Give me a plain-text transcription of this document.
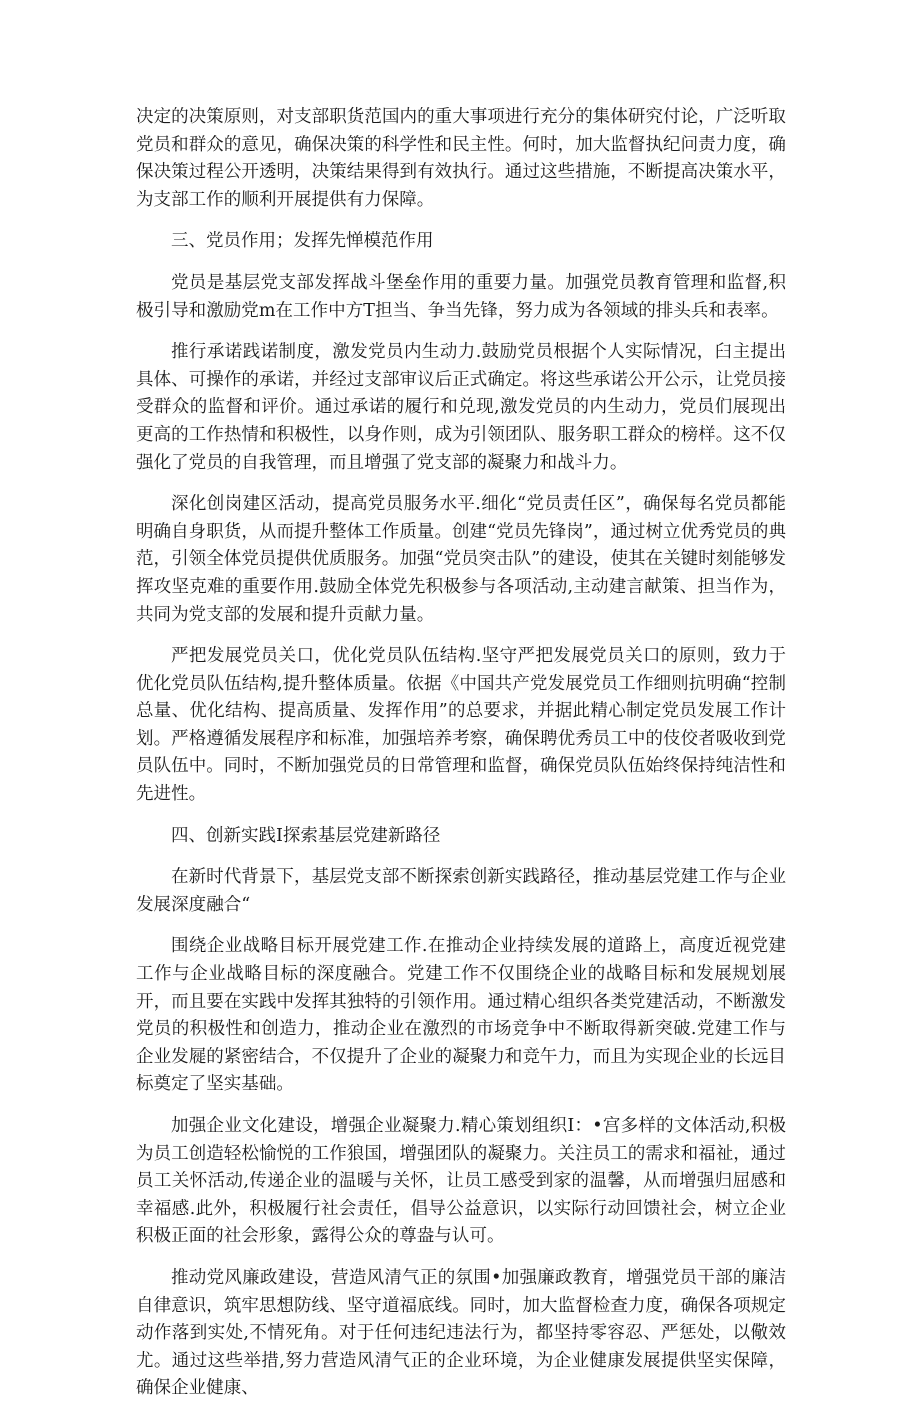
决定的决策原则，对支部职货范国内的重大事项进行充分的集体研究付论，广泛听取党员和群众的意见，确保决策的科学性和民主性。何时，加大监督执纪问责力度，确保决策过程公开透明，决策结果得到有效执行。通过这些措施，不断提高决策水平，为支部工作的顺利开展提供有力保障。

三、党员作用；发挥先惮模范作用

党员是基层党支部发挥战斗堡垒作用的重要力量。加强党员教育管理和监督,积极引导和激励党m在工作中方T担当、争当先锋，努力成为各领域的排头兵和表率。

推行承诺践诺制度，激发党员内生动力.鼓励党员根据个人实际情况，臼主提出具体、可操作的承诺，并经过支部审议后正式确定。将这些承诺公开公示，让党员接受群众的监督和评价。通过承诺的履行和兑现,激发党员的内生动力，党员们展现出更高的工作热情和积极性，以身作则，成为引领团队、服务职工群众的榜样。这不仅强化了党员的自我管理，而且增强了党支部的凝聚力和战斗力。

深化创岗建区活动，提高党员服务水平.细化“党员责任区”，确保每名党员都能明确自身职货，从而提升整体工作质量。创建“党员先锋岗”，通过树立优秀党员的典范，引领全体党员提供优质服务。加强“党员突击队”的建设，使其在关键时刻能够发挥攻坚克难的重要作用.鼓励全体党先积极参与各项活动,主动建言献策、担当作为，共同为党支部的发展和提升贡献力量。

严把发展党员关口，优化党员队伍结构.坚守严把发展党员关口的原则，致力于优化党员队伍结构,提升整体质量。依据《中国共产党发展党员工作细则抗明确“控制总量、优化结构、提高质量、发挥作用”的总要求，并据此精心制定党员发展工作计划。严格遵循发展程序和标准，加强培养考察，确保聘优秀员工中的伎佼者吸收到党员队伍中。同时，不断加强党员的日常管理和监督，确保党员队伍始终保持纯洁性和先进性。

四、创新实践I探索基层党建新路径

在新时代背景下，基层党支部不断探索创新实践路径，推动基层党建工作与企业发展深度融合“

围绕企业战略目标开展党建工作.在推动企业持续发展的道路上，高度近视党建工作与企业战略目标的深度融合。党建工作不仅围绕企业的战略目标和发展规划展开，而且要在实践中发挥其独特的引领作用。通过精心组织各类党建活动，不断激发党员的积极性和创造力，推动企业在激烈的市场竞争中不断取得新突破.党建工作与企业发屣的紧密结合，不仅提升了企业的凝聚力和竞午力，而且为实现企业的长远目标奠定了坚实基础。

加强企业文化建设，增强企业凝聚力.精心策划组织I：•宫多样的文体活动,积极为员工创造轻松愉悦的工作狼国，增强团队的凝聚力。关注员工的需求和福祉，通过员工关怀活动,传递企业的温暖与关怀，让员工感受到家的温馨，从而增强归屈感和幸福感.此外，积极履行社会责任，倡导公益意识，以实际行动回馈社会，树立企业积极正面的社会形象，露得公众的尊盎与认可。

推动党风廉政建设，营造风清气正的氛围•加强廉政教育，增强党员干部的廉洁自律意识，筑牢思想防线、坚守道福底线。同时，加大监督检查力度，确保各项规定动作落到实处,不情死角。对于任何违纪违法行为，都坚持零容忍、严惩处，以儆效尤。通过这些举措,努力营造风清气正的企业环境，为企业健康发展提供坚实保障，确保企业健康、
